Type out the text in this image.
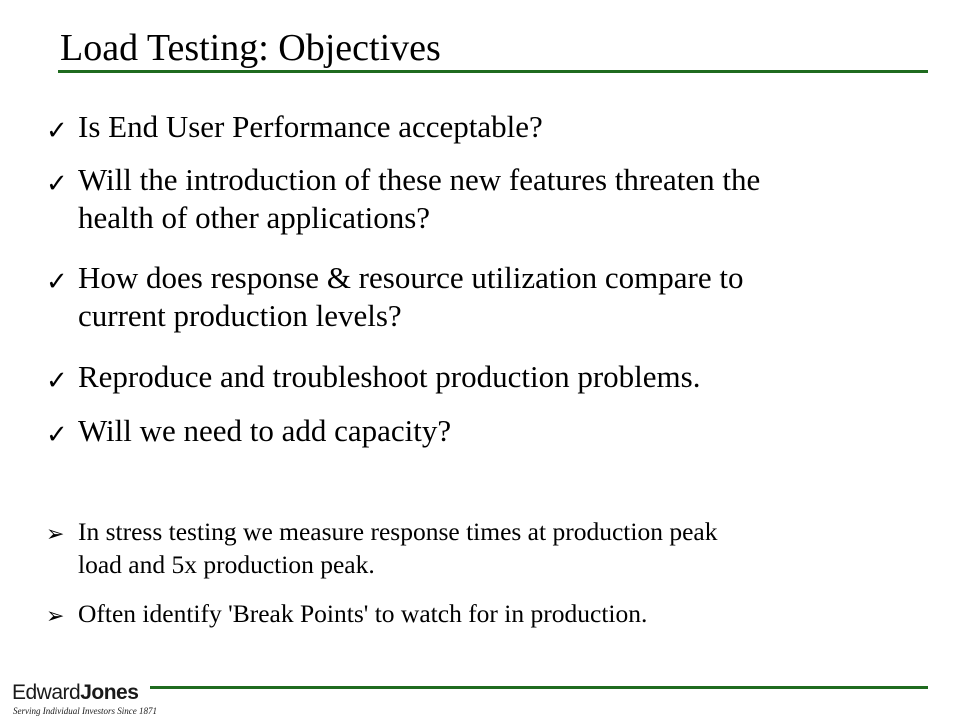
Load Testing: Objectives
✓ Is End User Performance acceptable?
✓ Will the introduction of these new features threaten the
health of other applications?
✓ How does response & resource utilization compare to
current production levels?
✓ Reproduce and troubleshoot production problems.
✓ Will we need to add capacity?
➢ In stress testing we measure response times at production peak
load and 5x production peak.
➢ Often identify 'Break Points' to watch for in production.
EdwardJones
Serving Individual Investors Since 1871
